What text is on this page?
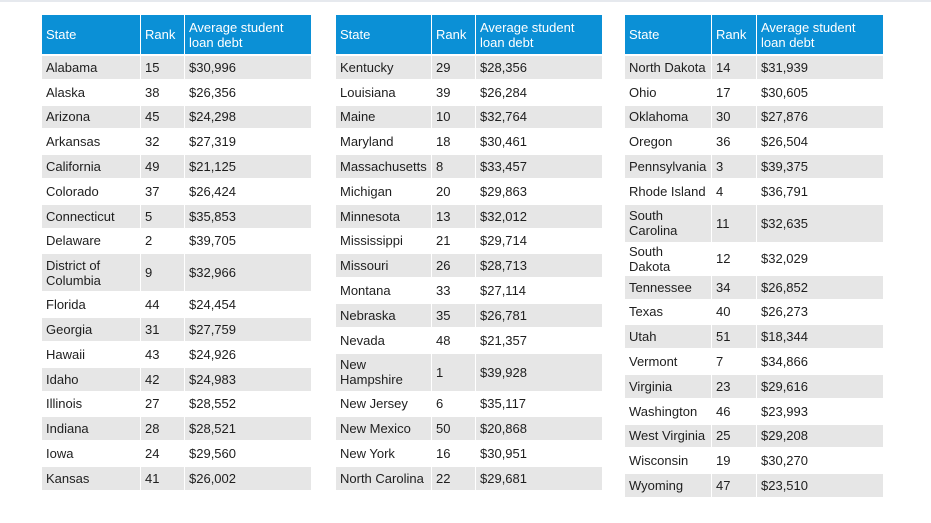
State	Rank	Average student loan debt
Alabama	15	$30,996
Alaska	38	$26,356
Arizona	45	$24,298
Arkansas	32	$27,319
California	49	$21,125
Colorado	37	$26,424
Connecticut	5	$35,853
Delaware	2	$39,705
District of Columbia	9	$32,966
Florida	44	$24,454
Georgia	31	$27,759
Hawaii	43	$24,926
Idaho	42	$24,983
Illinois	27	$28,552
Indiana	28	$28,521
Iowa	24	$29,560
Kansas	41	$26,002
State	Rank	Average student loan debt
Kentucky	29	$28,356
Louisiana	39	$26,284
Maine	10	$32,764
Maryland	18	$30,461
Massachusetts	8	$33,457
Michigan	20	$29,863
Minnesota	13	$32,012
Mississippi	21	$29,714
Missouri	26	$28,713
Montana	33	$27,114
Nebraska	35	$26,781
Nevada	48	$21,357
New Hampshire	1	$39,928
New Jersey	6	$35,117
New Mexico	50	$20,868
New York	16	$30,951
North Carolina	22	$29,681
State	Rank	Average student loan debt
North Dakota	14	$31,939
Ohio	17	$30,605
Oklahoma	30	$27,876
Oregon	36	$26,504
Pennsylvania	3	$39,375
Rhode Island	4	$36,791
South Carolina	11	$32,635
South Dakota	12	$32,029
Tennessee	34	$26,852
Texas	40	$26,273
Utah	51	$18,344
Vermont	7	$34,866
Virginia	23	$29,616
Washington	46	$23,993
West Virginia	25	$29,208
Wisconsin	19	$30,270
Wyoming	47	$23,510
